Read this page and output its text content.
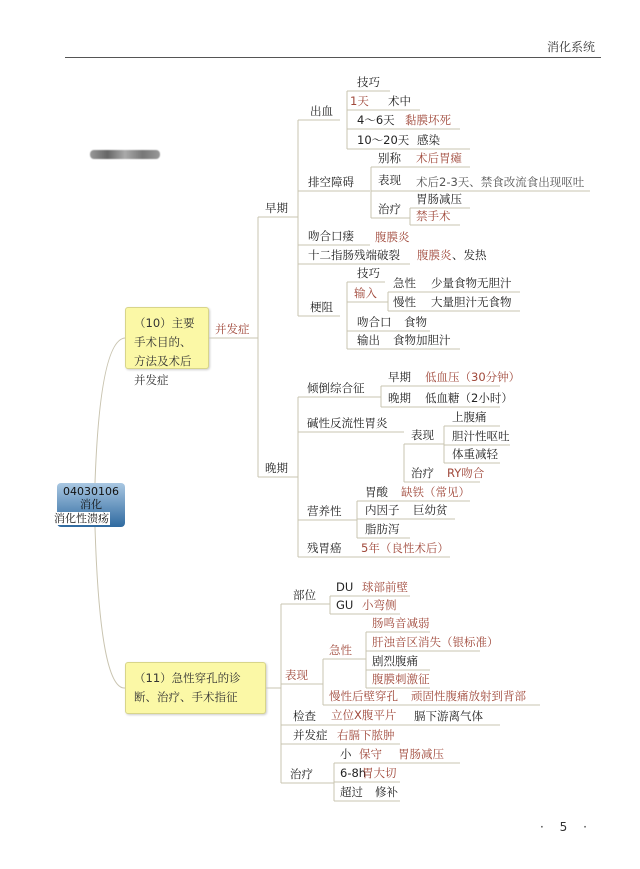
消化系统
04030106
消化
消化性溃疡
（10）主要手术目的、方法及术后并发症
（11）急性穿孔的诊断、治疗、手术指征
并发症
早期
出血
技巧
1天 术中
4～6天 黏膜坏死
10～20天 感染
排空障碍
别称 术后胃瘫
表现 术后2-3天、禁食改流食出现呕吐
治疗
胃肠减压
禁手术
吻合口瘘 腹膜炎
十二指肠残端破裂 腹膜炎 、发热
梗阻
技巧
输入
急性 少量食物无胆汁
慢性 大量胆汁无食物
吻合口 食物
输出 食物加胆汁
晚期
倾倒综合征
早期 低血压（30分钟）
晚期 低血糖（2小时）
碱性反流性胃炎
表现
上腹痛
胆汁性呕吐
体重减轻
治疗 RY吻合
营养性
胃酸 缺铁（常见）
内因子 巨幼贫
脂肪泻
残胃癌 5年（良性术后）
部位
DU 球部前壁
GU 小弯侧
表现
急性
肠鸣音减弱
肝浊音区消失（银标准）
剧烈腹痛
腹膜刺激征
慢性后壁穿孔 顽固性腹痛放射到背部
检查 立位X腹平片 膈下游离气体
并发症 右膈下脓肿
治疗
小 保守 胃肠减压
6-8h
胃大切
超过 修补
· 5 ·
